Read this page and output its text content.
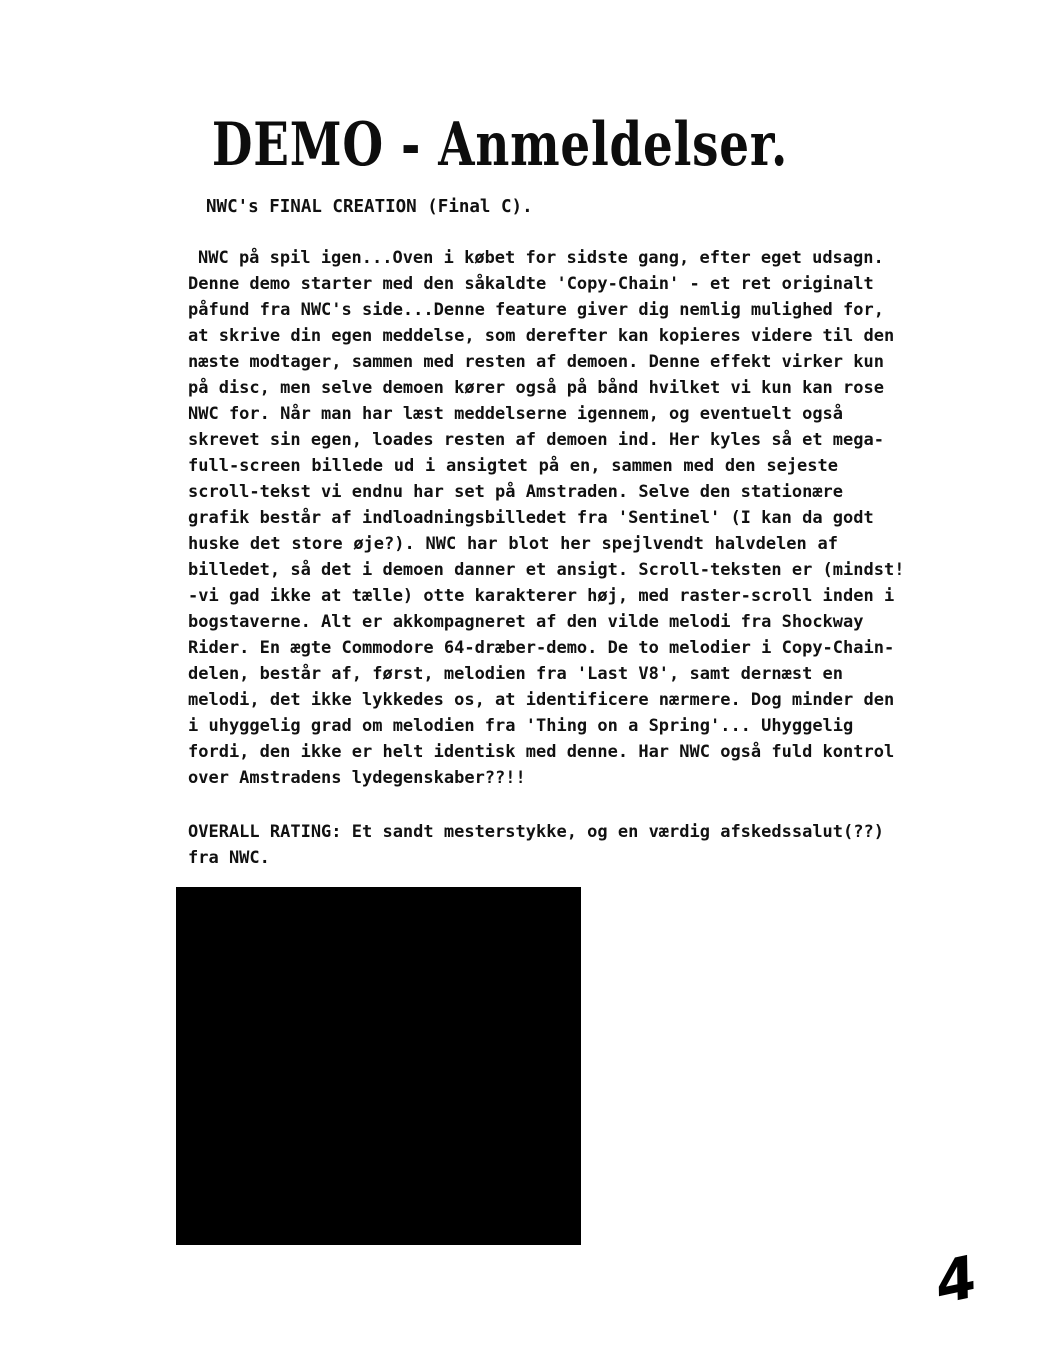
DEMO - Anmeldelser.
NWC's FINAL CREATION (Final C).
NWC på spil igen...Oven i købet for sidste gang, efter eget udsagn.
Denne demo starter med den såkaldte 'Copy-Chain' - et ret originalt
påfund fra NWC's side...Denne feature giver dig nemlig mulighed for,
at skrive din egen meddelse, som derefter kan kopieres videre til den
næste modtager, sammen med resten af demoen. Denne effekt virker kun
på disc, men selve demoen kører også på bånd hvilket vi kun kan rose
NWC for. Når man har læst meddelserne igennem, og eventuelt også
skrevet sin egen, loades resten af demoen ind. Her kyles så et mega-
full-screen billede ud i ansigtet på en, sammen med den sejeste
scroll-tekst vi endnu har set på Amstraden. Selve den stationære
grafik består af indloadningsbilledet fra 'Sentinel' (I kan da godt
huske det store øje?). NWC har blot her spejlvendt halvdelen af
billedet, så det i demoen danner et ansigt. Scroll-teksten er (mindst!
-vi gad ikke at tælle) otte karakterer høj, med raster-scroll inden i
bogstaverne. Alt er akkompagneret af den vilde melodi fra Shockway
Rider. En ægte Commodore 64-dræber-demo. De to melodier i Copy-Chain-
delen, består af, først, melodien fra 'Last V8', samt dernæst en
melodi, det ikke lykkedes os, at identificere nærmere. Dog minder den
i uhyggelig grad om melodien fra 'Thing on a Spring'... Uhyggelig
fordi, den ikke er helt identisk med denne. Har NWC også fuld kontrol
over Amstradens lydegenskaber??!!
OVERALL RATING: Et sandt mesterstykke, og en værdig afskedssalut(??)
fra NWC.
4
